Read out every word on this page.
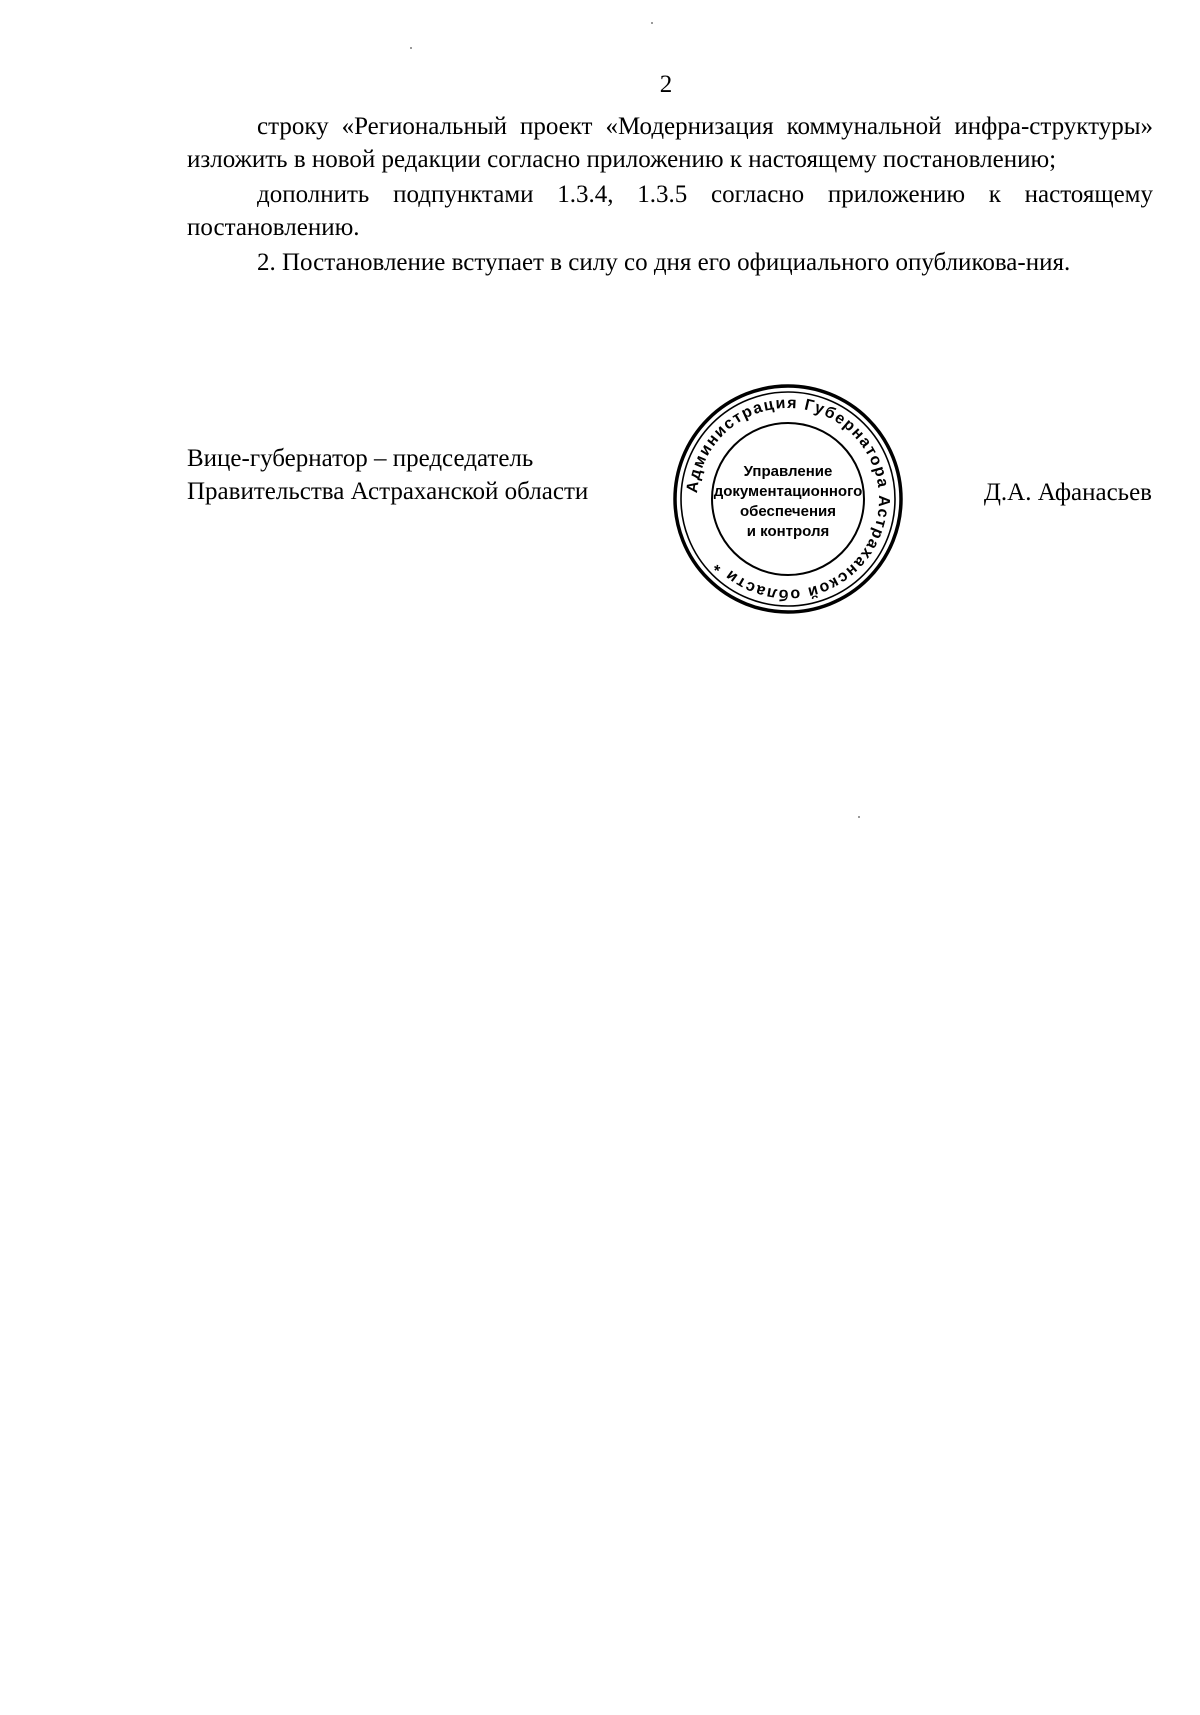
2

строку «Региональный проект «Модернизация коммунальной инфра-структуры» изложить в новой редакции согласно приложению к настоящему постановлению;

дополнить подпунктами 1.3.4, 1.3.5 согласно приложению к настоящему постановлению.

2. Постановление вступает в силу со дня его официального опубликова-ния.

Вице-губернатор – председатель
Правительства Астраханской области	Д.А. Афанасьев
Администрация Губернатора Астраханской области *
Управление
документационного
обеспечения
и контроля
